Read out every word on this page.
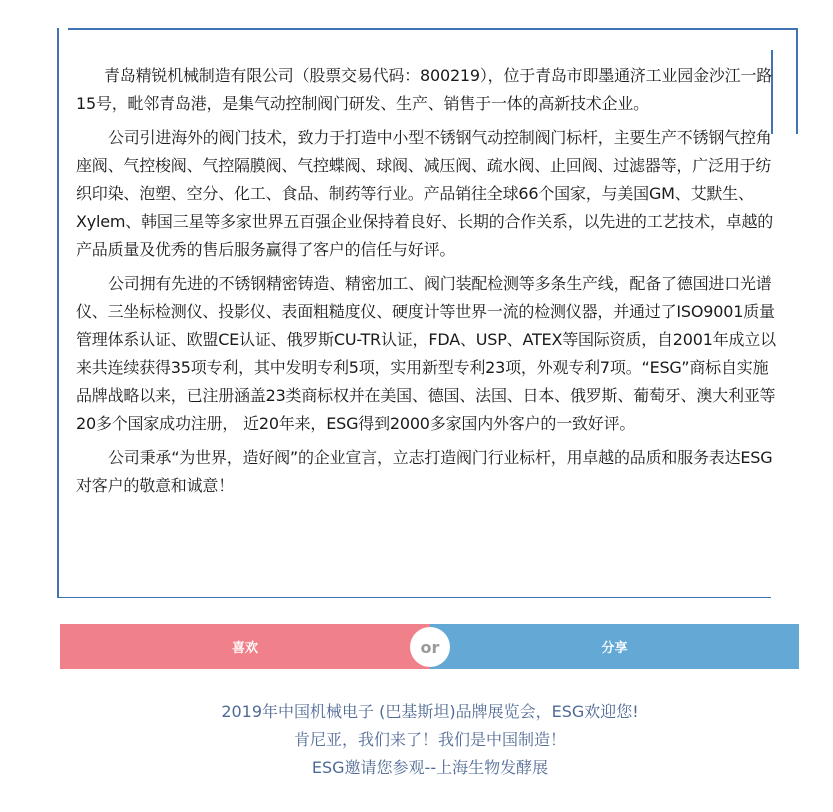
青岛精锐机械制造有限公司（股票交易代码：800219），位于青岛市即墨通济工业园金沙江一路15号，毗邻青岛港，是集气动控制阀门研发、生产、销售于一体的高新技术企业。

公司引进海外的阀门技术，致力于打造中小型不锈钢气动控制阀门标杆，主要生产不锈钢气控角座阀、气控梭阀、气控隔膜阀、气控蝶阀、球阀、减压阀、疏水阀、止回阀、过滤器等，广泛用于纺织印染、泡塑、空分、化工、食品、制药等行业。产品销往全球66个国家，与美国GM、艾默生、Xylem、韩国三星等多家世界五百强企业保持着良好、长期的合作关系，以先进的工艺技术，卓越的产品质量及优秀的售后服务赢得了客户的信任与好评。

公司拥有先进的不锈钢精密铸造、精密加工、阀门装配检测等多条生产线，配备了德国进口光谱仪、三坐标检测仪、投影仪、表面粗糙度仪、硬度计等世界一流的检测仪器，并通过了ISO9001质量管理体系认证、欧盟CE认证、俄罗斯CU-TR认证，FDA、USP、ATEX等国际资质，自2001年成立以来共连续获得35项专利，其中发明专利5项，实用新型专利23项，外观专利7项。“ESG”商标自实施品牌战略以来，已注册涵盖23类商标权并在美国、德国、法国、日本、俄罗斯、葡萄牙、澳大利亚等20多个国家成功注册， 近20年来，ESG得到2000多家国内外客户的一致好评。

公司秉承“为世界，造好阀”的企业宣言，立志打造阀门行业标杆，用卓越的品质和服务表达ESG对客户的敬意和诚意！

喜欢	or	分享
2019年中国机械电子 (巴基斯坦)品牌展览会，ESG欢迎您!
肯尼亚，我们来了！我们是中国制造！
ESG邀请您参观--上海生物发酵展
